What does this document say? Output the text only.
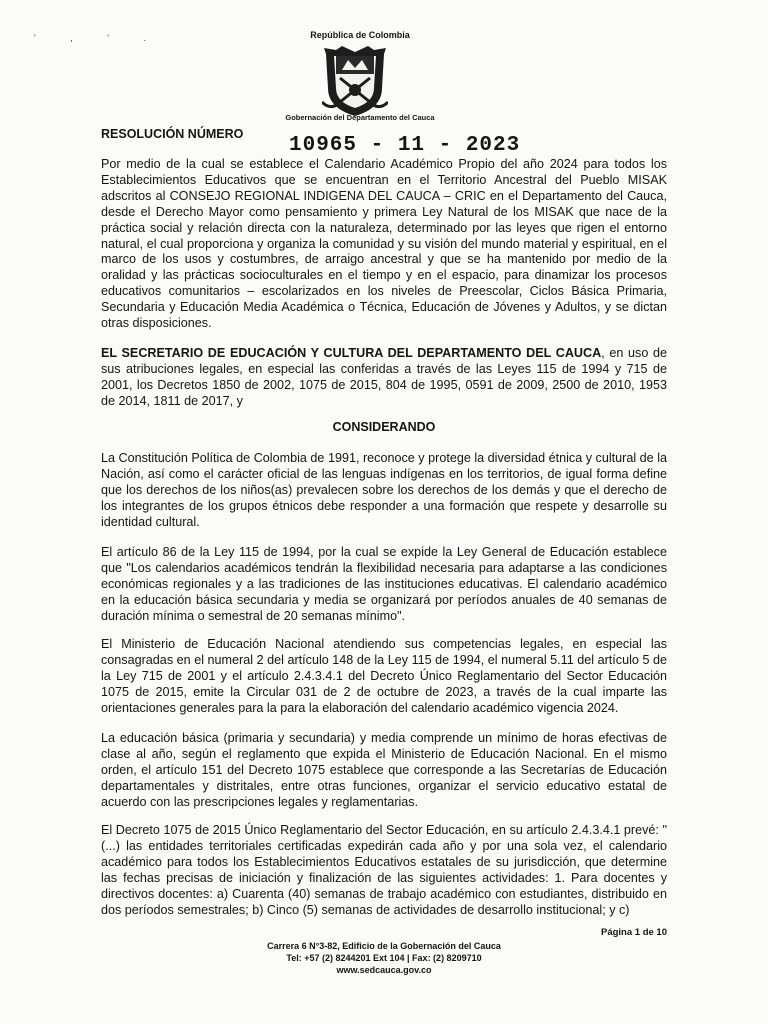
' , ' .	República de Colombia
Gobernación del Departamento del Cauca
RESOLUCIÓN NÚMERO 10965 - 11 - 2023

Por medio de la cual se establece el Calendario Académico Propio del año 2024 para todos los Establecimientos Educativos que se encuentran en el Territorio Ancestral del Pueblo MISAK adscritos al CONSEJO REGIONAL INDIGENA DEL CAUCA – CRIC en el Departamento del Cauca, desde el Derecho Mayor como pensamiento y primera Ley Natural de los MISAK que nace de la práctica social y relación directa con la naturaleza, determinado por las leyes que rigen el entorno natural, el cual proporciona y organiza la comunidad y su visión del mundo material y espiritual, en el marco de los usos y costumbres, de arraigo ancestral y que se ha mantenido por medio de la oralidad y las prácticas socioculturales en el tiempo y en el espacio, para dinamizar los procesos educativos comunitarios – escolarizados en los niveles de Preescolar, Ciclos Básica Primaria, Secundaria y Educación Media Académica o Técnica, Educación de Jóvenes y Adultos, y se dictan otras disposiciones.

EL SECRETARIO DE EDUCACIÓN Y CULTURA DEL DEPARTAMENTO DEL CAUCA, en uso de sus atribuciones legales, en especial las conferidas a través de las Leyes 115 de 1994 y 715 de 2001, los Decretos 1850 de 2002, 1075 de 2015, 804 de 1995, 0591 de 2009, 2500 de 2010, 1953 de 2014, 1811 de 2017, y

CONSIDERANDO

La Constitución Política de Colombia de 1991, reconoce y protege la diversidad étnica y cultural de la Nación, así como el carácter oficial de las lenguas indígenas en los territorios, de igual forma define que los derechos de los niños(as) prevalecen sobre los derechos de los demás y que el derecho de los integrantes de los grupos étnicos debe responder a una formación que respete y desarrolle su identidad cultural.

El artículo 86 de la Ley 115 de 1994, por la cual se expide la Ley General de Educación establece que "Los calendarios académicos tendrán la flexibilidad necesaria para adaptarse a las condiciones económicas regionales y a las tradiciones de las instituciones educativas. El calendario académico en la educación básica secundaria y media se organizará por períodos anuales de 40 semanas de duración mínima o semestral de 20 semanas mínimo".

El Ministerio de Educación Nacional atendiendo sus competencias legales, en especial las consagradas en el numeral 2 del artículo 148 de la Ley 115 de 1994, el numeral 5.11 del artículo 5 de la Ley 715 de 2001 y el artículo 2.4.3.4.1 del Decreto Único Reglamentario del Sector Educación 1075 de 2015, emite la Circular 031 de 2 de octubre de 2023, a través de la cual imparte las orientaciones generales para la para la elaboración del calendario académico vigencia 2024.

La educación básica (primaria y secundaria) y media comprende un mínimo de horas efectivas de clase al año, según el reglamento que expida el Ministerio de Educación Nacional. En el mismo orden, el artículo 151 del Decreto 1075 establece que corresponde a las Secretarías de Educación departamentales y distritales, entre otras funciones, organizar el servicio educativo estatal de acuerdo con las prescripciones legales y reglamentarias.

El Decreto 1075 de 2015 Único Reglamentario del Sector Educación, en su artículo 2.4.3.4.1 prevé: "(...) las entidades territoriales certificadas expedirán cada año y por una sola vez, el calendario académico para todos los Establecimientos Educativos estatales de su jurisdicción, que determine las fechas precisas de iniciación y finalización de las siguientes actividades: 1. Para docentes y directivos docentes: a) Cuarenta (40) semanas de trabajo académico con estudiantes, distribuido en dos períodos semestrales; b) Cinco (5) semanas de actividades de desarrollo institucional; y c)

Página 1 de 10
Carrera 6 N°3-82, Edificio de la Gobernación del Cauca
Tel: +57 (2) 8244201 Ext 104 | Fax: (2) 8209710
www.sedcauca.gov.co
